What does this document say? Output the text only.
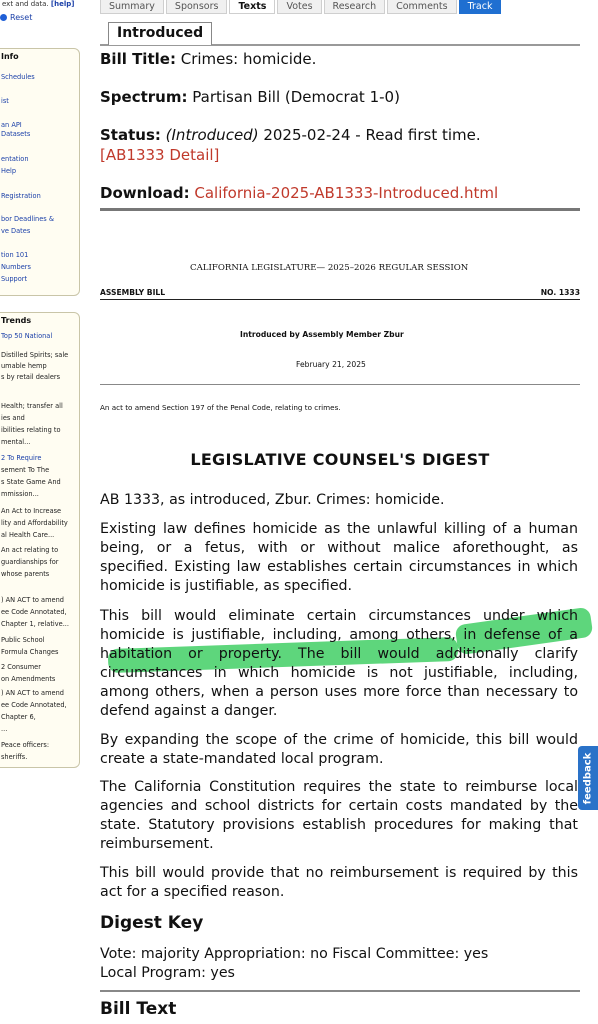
ext and data. [help]
Reset
Info
Schedules
ist
an API
Datasets
entation
Help
Registration
bor Deadlines &
ve Dates
tion 101
Numbers
Support
Trends
Top 50 National
Distilled Spirits; sale
umable hemp
s by retail dealers
Health; transfer all
ies and
ibilities relating to
mental...
2 To Require
sement To The
s State Game And
mmission...
An Act to Increase
lity and Affordability
al Health Care...
An act relating to
guardianships for
whose parents
) AN ACT to amend
ee Code Annotated,
Chapter 1, relative...
Public School
Formula Changes
2 Consumer
on Amendments
) AN ACT to amend
ee Code Annotated,
Chapter 6,
...
Peace officers:
sheriffs.
Summary	Sponsors	Texts	Votes	Research	Comments	Track
Introduced
Bill Title: Crimes: homicide.
Spectrum: Partisan Bill (Democrat 1-0)
Status: (Introduced) 2025-02-24 - Read first time.
[AB1333 Detail]
Download: California-2025-AB1333-Introduced.html
CALIFORNIA LEGISLATURE— 2025–2026 REGULAR SESSION
ASSEMBLY BILL	NO. 1333
Introduced by Assembly Member Zbur
February 21, 2025
An act to amend Section 197 of the Penal Code, relating to crimes.
LEGISLATIVE COUNSEL'S DIGEST
AB 1333, as introduced, Zbur. Crimes: homicide.
Existing law defines homicide as the unlawful killing of a human being, or a fetus, with or without malice aforethought, as specified. Existing law establishes certain circumstances in which homicide is justifiable, as specified.
This bill would eliminate certain circumstances under which homicide is justifiable, including, among others, in defense of a habitation or property. The bill would additionally clarify circumstances in which homicide is not justifiable, including, among others, when a person uses more force than necessary to defend against a danger.
By expanding the scope of the crime of homicide, this bill would create a state-mandated local program.
The California Constitution requires the state to reimburse local agencies and school districts for certain costs mandated by the state. Statutory provisions establish procedures for making that reimbursement.
This bill would provide that no reimbursement is required by this act for a specified reason.
Digest Key
Vote: majority Appropriation: no Fiscal Committee: yes
Local Program: yes
Bill Text
feedback
